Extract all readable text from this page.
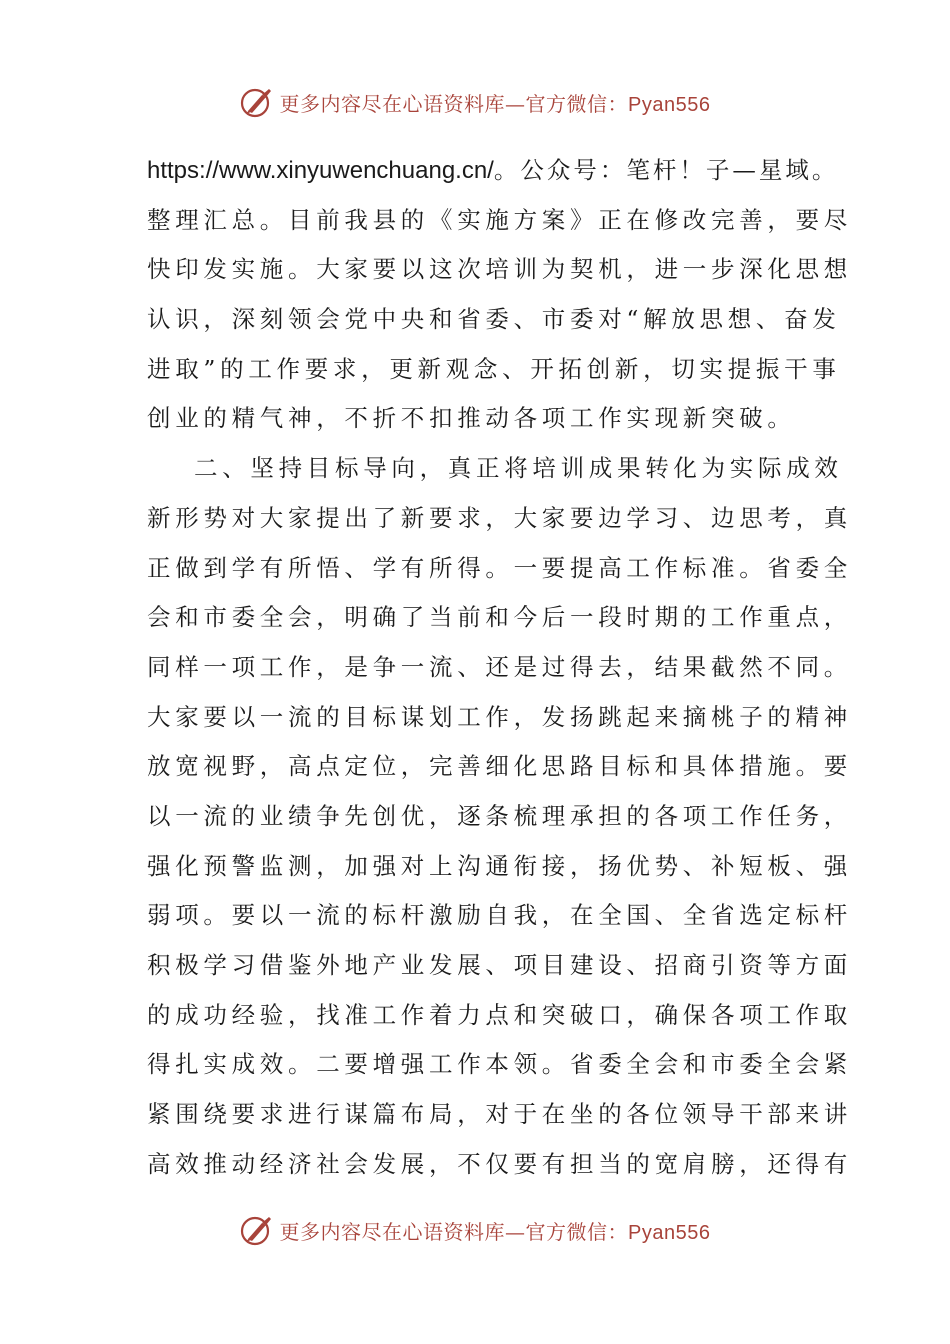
更多内容尽在心语资料库—官方微信：Pyan556
https://www.xinyuwenchuang.cn/。公众号：笔杆！子—星域。
整理汇总。目前我县的《实施方案》正在修改完善，要尽
快印发实施。大家要以这次培训为契机，进一步深化思想
认识，深刻领会党中央和省委、市委对“解放思想、奋发
进取”的工作要求，更新观念、开拓创新，切实提振干事
创业的精气神，不折不扣推动各项工作实现新突破。
二、坚持目标导向，真正将培训成果转化为实际成效
新形势对大家提出了新要求，大家要边学习、边思考，真
正做到学有所悟、学有所得。一要提高工作标准。省委全
会和市委全会，明确了当前和今后一段时期的工作重点，
同样一项工作，是争一流、还是过得去，结果截然不同。
大家要以一流的目标谋划工作，发扬跳起来摘桃子的精神
放宽视野，高点定位，完善细化思路目标和具体措施。要
以一流的业绩争先创优，逐条梳理承担的各项工作任务，
强化预警监测，加强对上沟通衔接，扬优势、补短板、强
弱项。要以一流的标杆激励自我，在全国、全省选定标杆
积极学习借鉴外地产业发展、项目建设、招商引资等方面
的成功经验，找准工作着力点和突破口，确保各项工作取
得扎实成效。二要增强工作本领。省委全会和市委全会紧
紧围绕要求进行谋篇布局，对于在坐的各位领导干部来讲
高效推动经济社会发展，不仅要有担当的宽肩膀，还得有
更多内容尽在心语资料库—官方微信：Pyan556
